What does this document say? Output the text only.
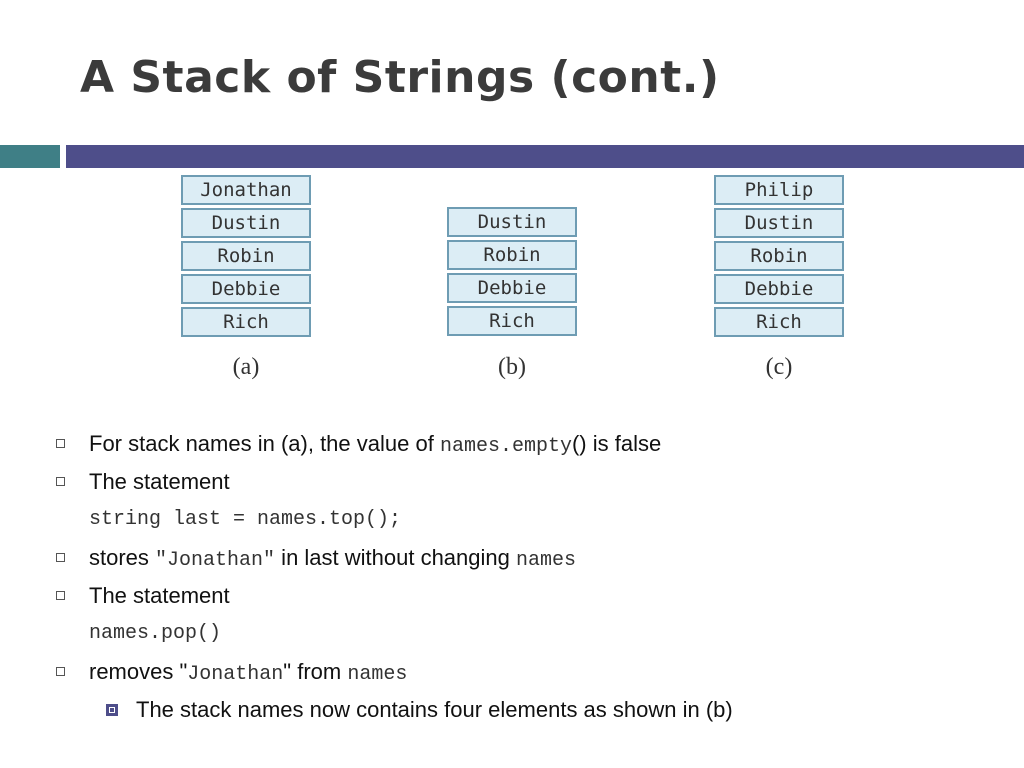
A Stack of Strings (cont.)
Jonathan
Dustin
Robin
Debbie
Rich
(a)
Dustin
Robin
Debbie
Rich
(b)
Philip
Dustin
Robin
Debbie
Rich
(c)
For stack names in (a), the value of names.empty() is false
The statement
string last = names.top();
stores "Jonathan" in last without changing names
The statement
names.pop()
removes "Jonathan" from names
The stack names now contains four elements as shown in (b)
